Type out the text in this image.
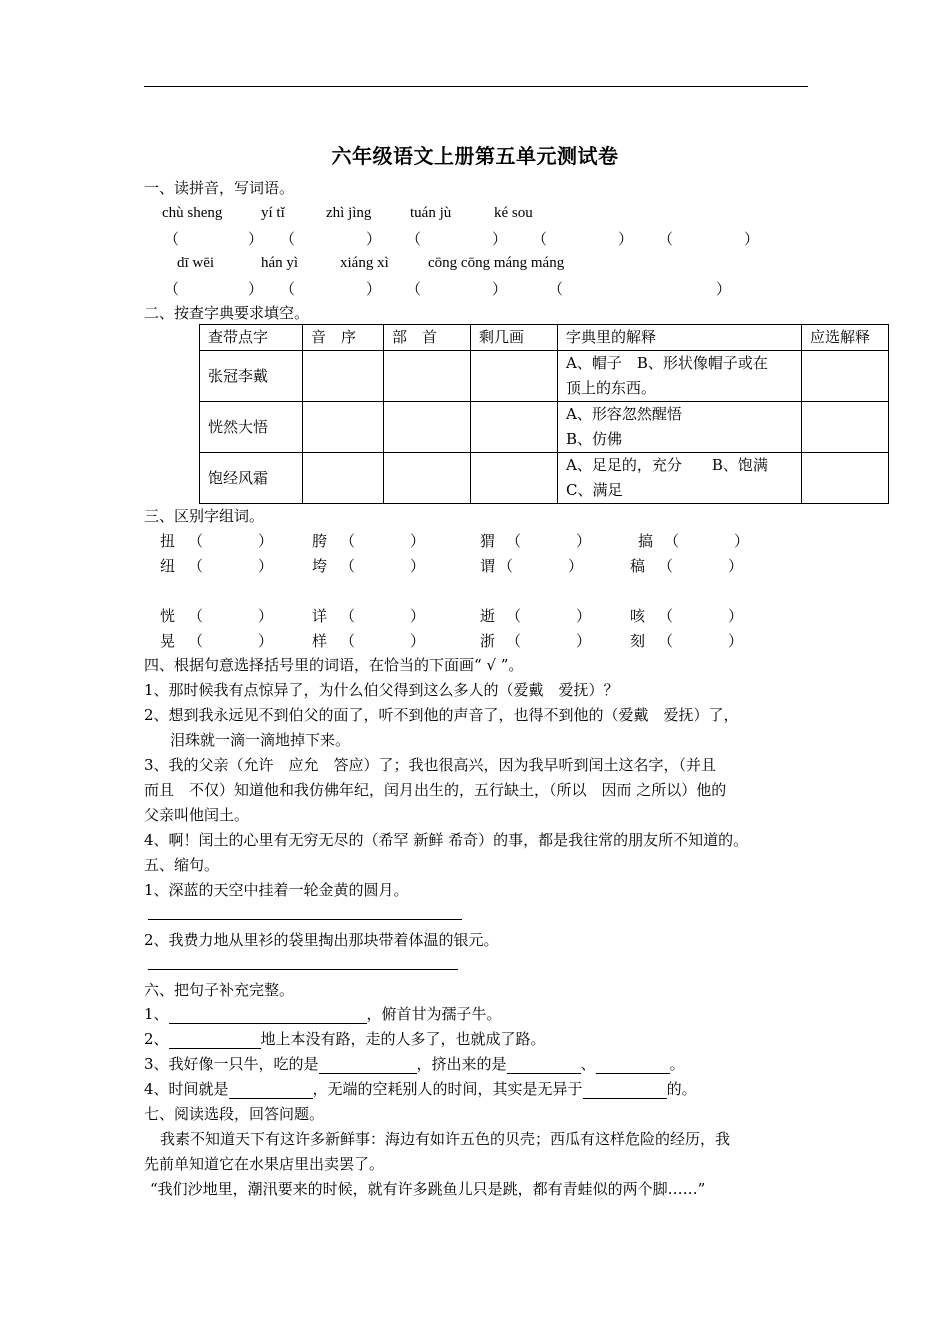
六年级语文上册第五单元测试卷
一、读拼音，写词语。
chù sheng	yí tǐ	zhì jìng	tuán jù	ké sou
（	） （	） （	） （	） （	）
dī wēi	hán yì	xiáng xì	cōng cōng máng máng
（	） （	） （	）	（	）
二、按查字典要求填空。
查带点字	音　序	部　首	剩几画	字典里的解释	应选解释
张冠李戴				A、帽子　B、形状像帽子或在
顶上的东西。	

恍然大悟				A、形容忽然醒悟
B、仿佛	

饱经风霜				A、足足的，充分　　B、饱满
C、满足	

三、区别字组词。
扭 （	）	胯 （	）	猬 （	）	搞 （	）
纽 （	）	垮 （	）	谓 （	）	稿 （	）
恍 （	）	详 （	）	逝 （	）	咳 （	）
晃 （	）	样 （	）	浙 （	）	刻 （	）
四、根据句意选择括号里的词语，在恰当的下面画“ √ ”。
1、那时候我有点惊异了，为什么伯父得到这么多人的（爱戴　爱抚）？
2、想到我永远见不到伯父的面了，听不到他的声音了，也得不到他的（爱戴　爱抚）了，
泪珠就一滴一滴地掉下来。
3、我的父亲（允许　应允　答应）了；我也很高兴，因为我早听到闰土这名字，（并且
而且　不仅）知道他和我仿佛年纪，闰月出生的，五行缺土，（所以　因而 之所以）他的
父亲叫他闰土。
4、啊！闰土的心里有无穷无尽的（希罕 新鲜 希奇）的事，都是我往常的朋友所不知道的。
五、缩句。
1、深蓝的天空中挂着一轮金黄的圆月。
2、我费力地从里衫的袋里掏出那块带着体温的银元。
六、把句子补充完整。
1、	，俯首甘为孺子牛。
2、	地上本没有路，走的人多了，也就成了路。
3、我好像一只牛，吃的是	，挤出来的是	、	。
4、时间就是	，无端的空耗别人的时间，其实是无异于	的。
七、阅读选段，回答问题。
我素不知道天下有这许多新鲜事：海边有如许五色的贝壳；西瓜有这样危险的经历，我
先前单知道它在水果店里出卖罢了。
“我们沙地里，潮汛要来的时候，就有许多跳鱼儿只是跳，都有青蛙似的两个脚……”
